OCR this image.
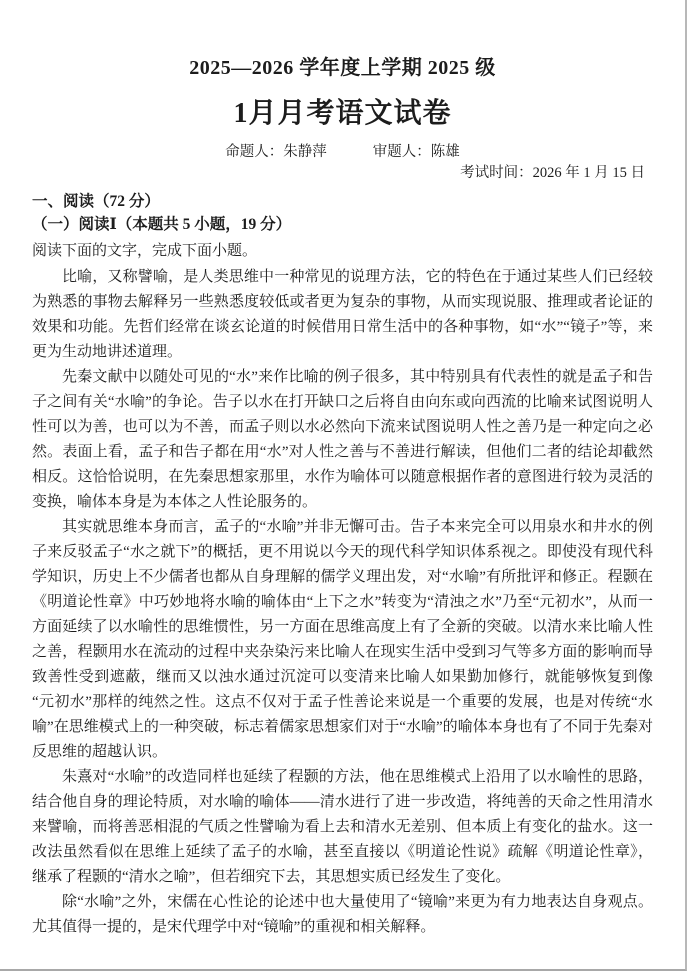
2025—2026 学年度上学期 2025 级
1月月考语文试卷
命题人：朱静萍	审题人：陈雄
考试时间：2026 年 1 月 15 日

一、阅读（72 分）

（一）阅读Ⅰ（本题共 5 小题，19 分）

阅读下面的文字，完成下面小题。

比喻，又称譬喻，是人类思维中一种常见的说理方法，它的特色在于通过某些人们已经较为熟悉的事物去解释另一些熟悉度较低或者更为复杂的事物，从而实现说服、推理或者论证的效果和功能。先哲们经常在谈玄论道的时候借用日常生活中的各种事物，如“水”“镜子”等，来更为生动地讲述道理。

先秦文献中以随处可见的“水”来作比喻的例子很多，其中特别具有代表性的就是孟子和告子之间有关“水喻”的争论。告子以水在打开缺口之后将自由向东或向西流的比喻来试图说明人性可以为善，也可以为不善，而孟子则以水必然向下流来试图说明人性之善乃是一种定向之必然。表面上看，孟子和告子都在用“水”对人性之善与不善进行解读，但他们二者的结论却截然相反。这恰恰说明，在先秦思想家那里，水作为喻体可以随意根据作者的意图进行较为灵活的变换，喻体本身是为本体之人性论服务的。

其实就思维本身而言，孟子的“水喻”并非无懈可击。告子本来完全可以用泉水和井水的例子来反驳孟子“水之就下”的概括，更不用说以今天的现代科学知识体系视之。即使没有现代科学知识，历史上不少儒者也都从自身理解的儒学义理出发，对“水喻”有所批评和修正。程颢在《明道论性章》中巧妙地将水喻的喻体由“上下之水”转变为“清浊之水”乃至“元初水”，从而一方面延续了以水喻性的思维惯性，另一方面在思维高度上有了全新的突破。以清水来比喻人性之善，程颢用水在流动的过程中夹杂染污来比喻人在现实生活中受到习气等多方面的影响而导致善性受到遮蔽，继而又以浊水通过沉淀可以变清来比喻人如果勤加修行，就能够恢复到像“元初水”那样的纯然之性。这点不仅对于孟子性善论来说是一个重要的发展，也是对传统“水喻”在思维模式上的一种突破，标志着儒家思想家们对于“水喻”的喻体本身也有了不同于先秦对反思维的超越认识。

朱熹对“水喻”的改造同样也延续了程颢的方法，他在思维模式上沿用了以水喻性的思路，结合他自身的理论特质，对水喻的喻体——清水进行了进一步改造，将纯善的天命之性用清水来譬喻，而将善恶相混的气质之性譬喻为看上去和清水无差别、但本质上有变化的盐水。这一改法虽然看似在思维上延续了孟子的水喻，甚至直接以《明道论性说》疏解《明道论性章》，继承了程颢的“清水之喻”，但若细究下去，其思想实质已经发生了变化。

除“水喻”之外，宋儒在心性论的论述中也大量使用了“镜喻”来更为有力地表达自身观点。尤其值得一提的，是宋代理学中对“镜喻”的重视和相关解释。
